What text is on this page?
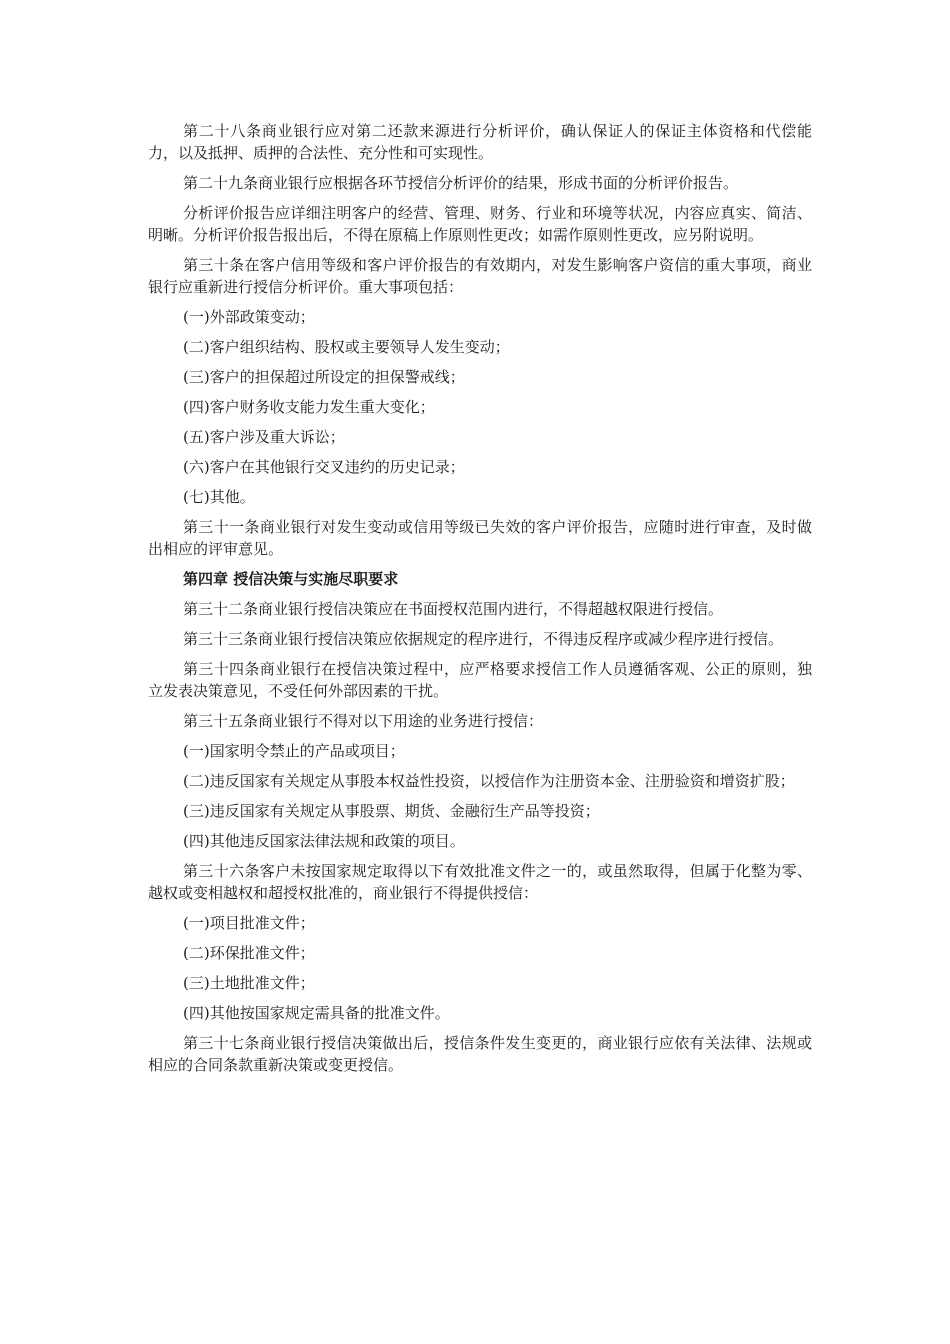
第二十八条商业银行应对第二还款来源进行分析评价，确认保证人的保证主体资格和代偿能力，以及抵押、质押的合法性、充分性和可实现性。

第二十九条商业银行应根据各环节授信分析评价的结果，形成书面的分析评价报告。

分析评价报告应详细注明客户的经营、管理、财务、行业和环境等状况，内容应真实、简洁、明晰。分析评价报告报出后，不得在原稿上作原则性更改；如需作原则性更改，应另附说明。

第三十条在客户信用等级和客户评价报告的有效期内，对发生影响客户资信的重大事项，商业银行应重新进行授信分析评价。重大事项包括：

(一)外部政策变动；

(二)客户组织结构、股权或主要领导人发生变动；

(三)客户的担保超过所设定的担保警戒线；

(四)客户财务收支能力发生重大变化；

(五)客户涉及重大诉讼；

(六)客户在其他银行交叉违约的历史记录；

(七)其他。

第三十一条商业银行对发生变动或信用等级已失效的客户评价报告，应随时进行审查，及时做出相应的评审意见。

第四章 授信决策与实施尽职要求

第三十二条商业银行授信决策应在书面授权范围内进行，不得超越权限进行授信。

第三十三条商业银行授信决策应依据规定的程序进行，不得违反程序或减少程序进行授信。

第三十四条商业银行在授信决策过程中，应严格要求授信工作人员遵循客观、公正的原则，独立发表决策意见，不受任何外部因素的干扰。

第三十五条商业银行不得对以下用途的业务进行授信：

(一)国家明令禁止的产品或项目；

(二)违反国家有关规定从事股本权益性投资，以授信作为注册资本金、注册验资和增资扩股；

(三)违反国家有关规定从事股票、期货、金融衍生产品等投资；

(四)其他违反国家法律法规和政策的项目。

第三十六条客户未按国家规定取得以下有效批准文件之一的，或虽然取得，但属于化整为零、越权或变相越权和超授权批准的，商业银行不得提供授信：

(一)项目批准文件；

(二)环保批准文件；

(三)土地批准文件；

(四)其他按国家规定需具备的批准文件。

第三十七条商业银行授信决策做出后，授信条件发生变更的，商业银行应依有关法律、法规或相应的合同条款重新决策或变更授信。
